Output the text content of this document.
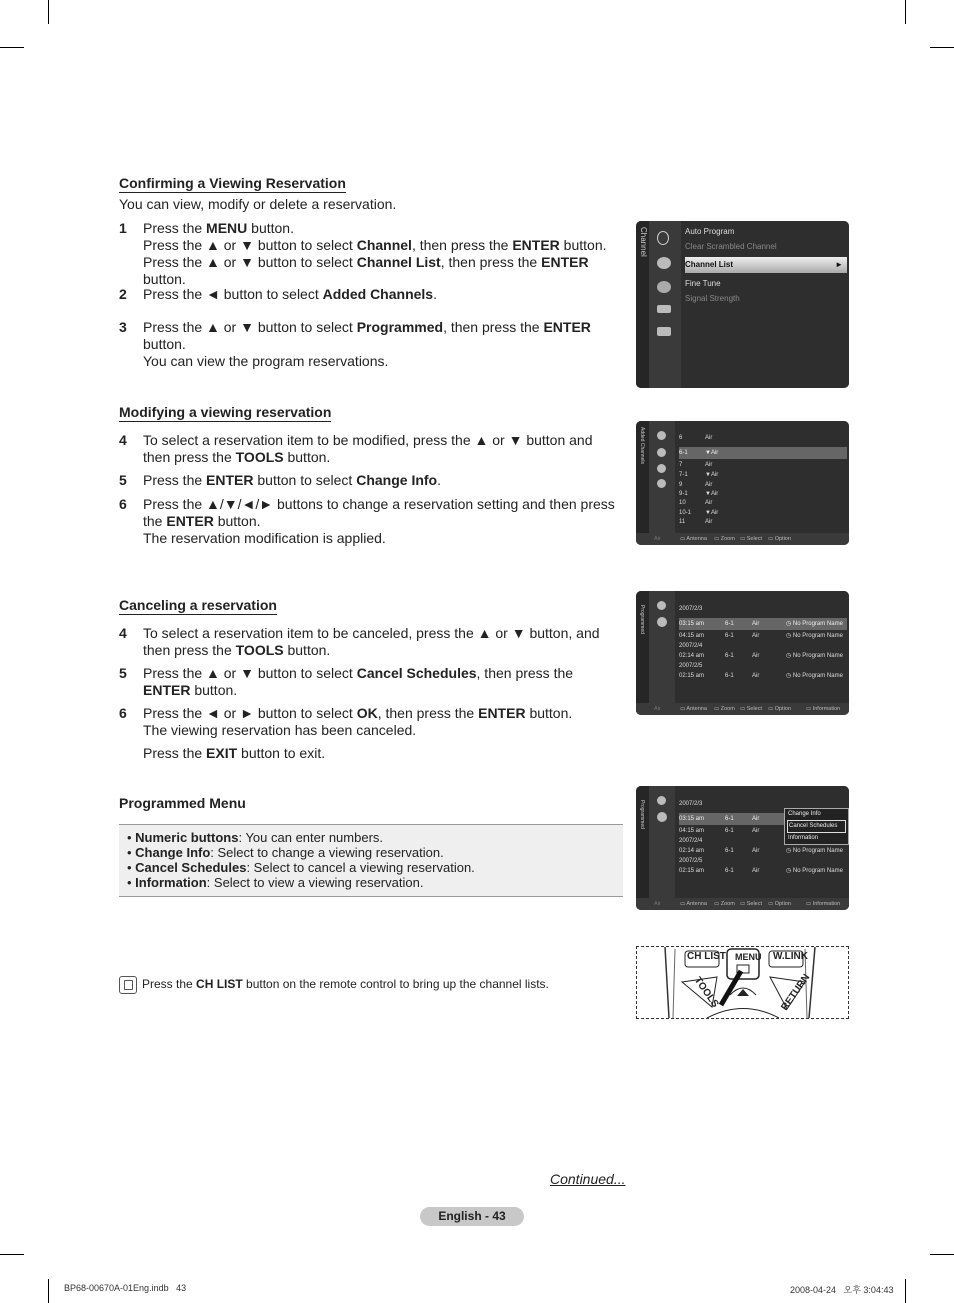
Confirming a Viewing Reservation
You can view, modify or delete a reservation.
1 Press the MENU button.
Press the ▲ or ▼ button to select Channel, then press the ENTER button.
Press the ▲ or ▼ button to select Channel List, then press the ENTER button.
2 Press the ◄ button to select Added Channels.
3 Press the ▲ or ▼ button to select Programmed, then press the ENTER button.
You can view the program reservations.
Modifying a viewing reservation
4 To select a reservation item to be modified, press the ▲ or ▼ button and then press the TOOLS button.
5 Press the ENTER button to select Change Info.
6 Press the ▲/▼/◄/► buttons to change a reservation setting and then press the ENTER button.
The reservation modification is applied.
Canceling a reservation
4 To select a reservation item to be canceled, press the ▲ or ▼ button, and then press the TOOLS button.
5 Press the ▲ or ▼ button to select Cancel Schedules, then press the ENTER button.
6 Press the ◄ or ► button to select OK, then press the ENTER button.
The viewing reservation has been canceled.
Press the EXIT button to exit.
Programmed Menu
• Numeric buttons: You can enter numbers.
• Change Info: Select to change a viewing reservation.
• Cancel Schedules: Select to cancel a viewing reservation.
• Information: Select to view a viewing reservation.
Press the CH LIST button on the remote control to bring up the channel lists.
Channel	Auto Program
Clear Scrambled Channel
Channel List	►
Fine Tune
Signal Strength
Added Channels	6	Air
6-1	▼Air
7	Air
7-1	▼Air
9	Air
9-1	▼Air
10	Air
10-1 ▼Air
11	Air
Air	▭ Antenna ▭ Zoom ▭ Select ▭ Option
Programmed	2007/2/3
03:15 am	6-1	Air	◷ No Program Name
04:15 am	6-1	Air	◷ No Program Name
2007/2/4
02:14 am	6-1	Air	◷ No Program Name
2007/2/5
02:15 am	6-1	Air	◷ No Program Name
Air	▭ Antenna ▭ Zoom ▭ Select ▭ Option	▭ Information
Programmed	2007/2/3
03:15 am	6-1	Air
04:15 am	6-1	Air
2007/2/4
02:14 am	6-1	Air	◷ No Program Name
2007/2/5
02:15 am	6-1	Air	◷ No Program Name
Change Info
Cancel Schedules
Information
Air	▭ Antenna ▭ Zoom ▭ Select ▭ Option	▭ Information
CH LIST MENU W.LINK
TOOLS	RETURN
Continued...
English - 43
BP68-00670A-01Eng.indb   43	2008-04-24   오후 3:04:43
